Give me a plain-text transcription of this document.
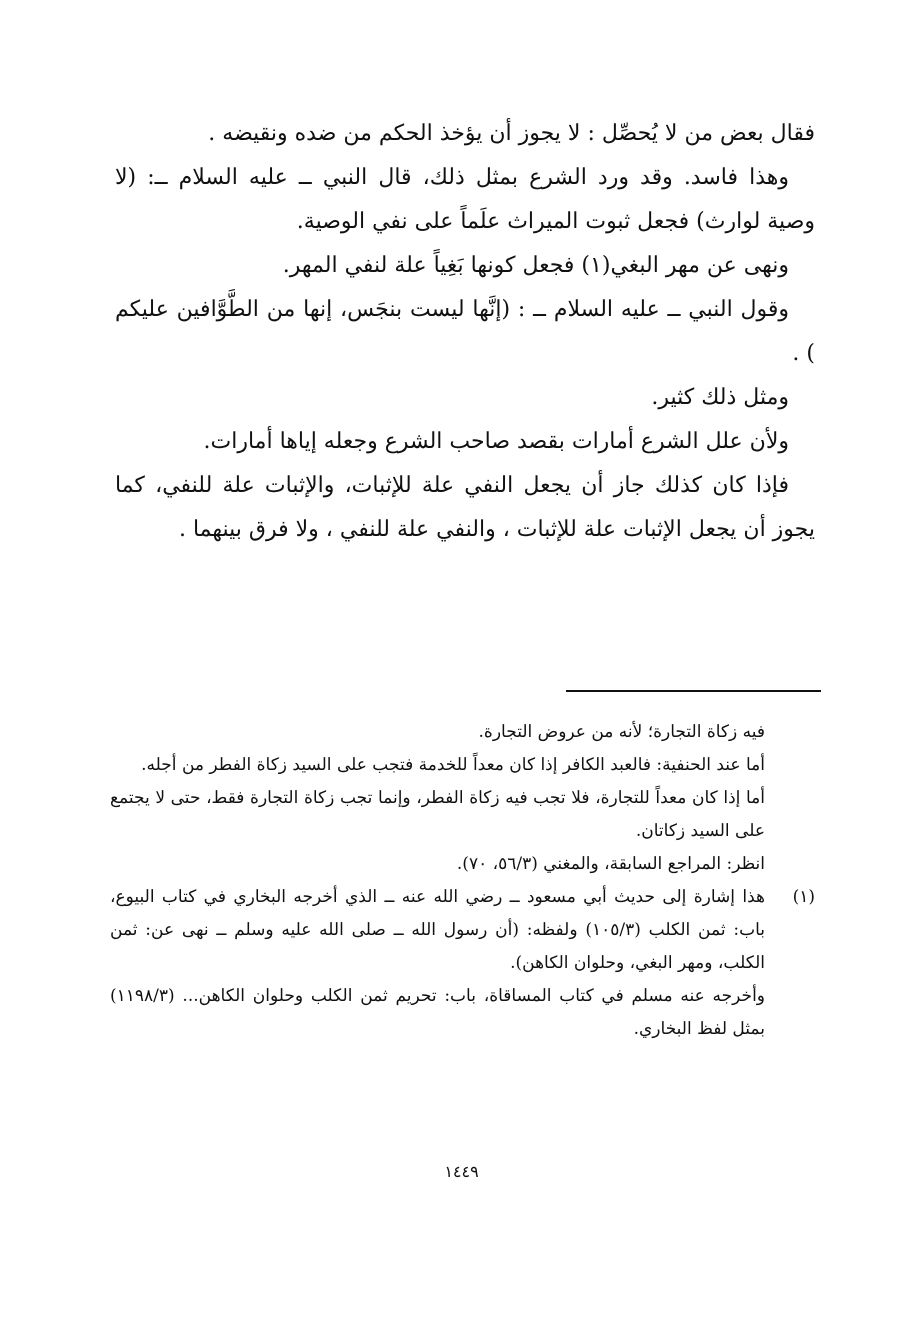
فقال بعض من لا يُحصِّل : لا يجوز أن يؤخذ الحكم من ضده ونقيضه .

وهذا فاسد. وقد ورد الشرع بمثل ذلك، قال النبي ــ عليه السلام ــ: (لا وصية لوارث) فجعل ثبوت الميراث علَماً على نفي الوصية.

ونهى عن مهر البغي(١) فجعل كونها بَغِياً علة لنفي المهر.

وقول النبي ــ عليه السلام ــ : (إنَّها ليست بنجَس، إنها من الطَّوَّافين عليكم ) .

ومثل ذلك كثير.

ولأن علل الشرع أمارات بقصد صاحب الشرع وجعله إياها أمارات.

فإذا كان كذلك جاز أن يجعل النفي علة للإثبات، والإثبات علة للنفي، كما يجوز أن يجعل الإثبات علة للإثبات ، والنفي علة للنفي ، ولا فرق بينهما .

فيه زكاة التجارة؛ لأنه من عروض التجارة.

أما عند الحنفية: فالعبد الكافر إذا كان معداً للخدمة فتجب على السيد زكاة الفطر من أجله.

أما إذا كان معداً للتجارة، فلا تجب فيه زكاة الفطر، وإنما تجب زكاة التجارة فقط، حتى لا يجتمع على السيد زكاتان.

انظر: المراجع السابقة، والمغني (٥٦/٣، ٧٠).

(١)

هذا إشارة إلى حديث أبي مسعود ــ رضي الله عنه ــ الذي أخرجه البخاري في كتاب البيوع، باب: ثمن الكلب (١٠٥/٣) ولفظه: (أن رسول الله ــ صلى الله عليه وسلم ــ نهى عن: ثمن الكلب، ومهر البغي، وحلوان الكاهن).

وأخرجه عنه مسلم في كتاب المساقاة، باب: تحريم ثمن الكلب وحلوان الكاهن... (١١٩٨/٣) بمثل لفظ البخاري.

١٤٤٩
